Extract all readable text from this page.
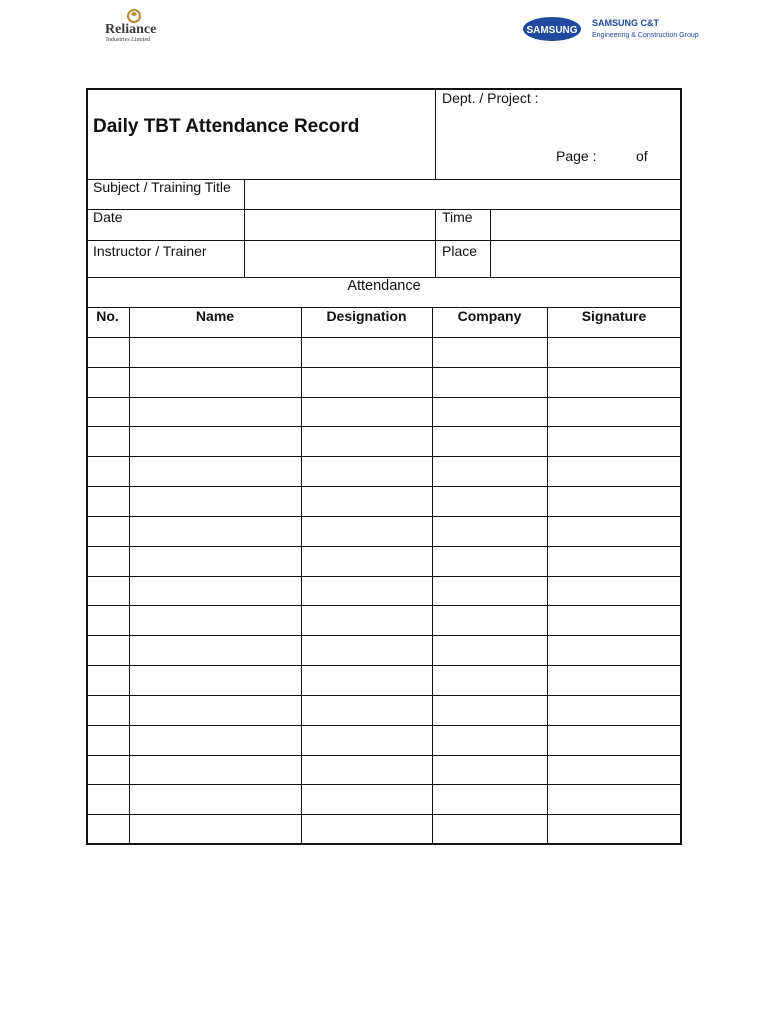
Reliance
Industries Limited
SAMSUNG
SAMSUNG C&T
Engineering & Construction Group
Daily TBT Attendance Record
Dept. / Project :
Page :	of
Subject / Training Title
Date	Time
Instructor / Trainer	Place
Attendance
No.	Name	Designation	Company	Signature
